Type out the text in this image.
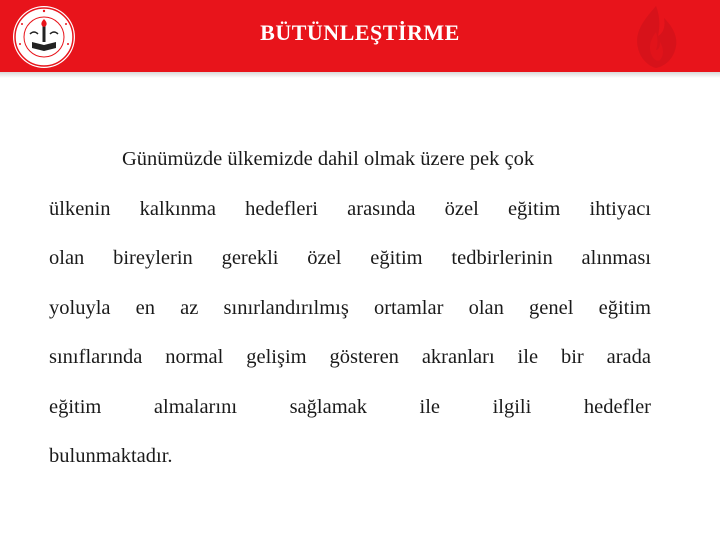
BÜTÜNLEŞTİRME
Günümüzde ülkemizde dahil olmak üzere pek çok
ülkenin kalkınma hedefleri arasında özel eğitim ihtiyacı
olan bireylerin gerekli özel eğitim tedbirlerinin alınması
yoluyla en az sınırlandırılmış ortamlar olan genel eğitim
sınıflarında normal gelişim gösteren akranları ile bir arada
eğitim almalarını sağlamak ile ilgili hedefler
bulunmaktadır.
